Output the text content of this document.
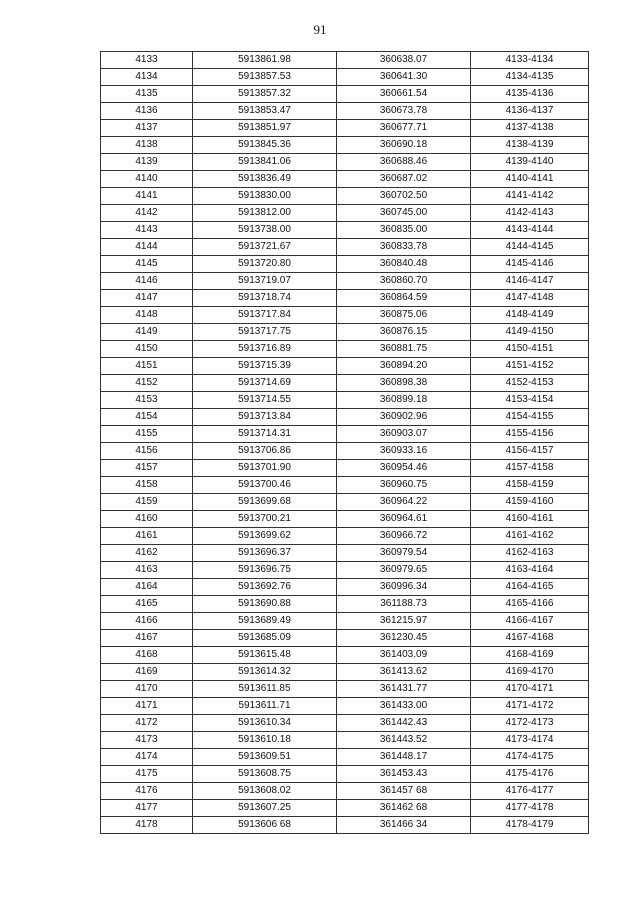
91
4133	5913861.98	360638.07	4133-4134
4134	5913857.53	360641.30	4134-4135
4135	5913857.32	360661.54	4135-4136
4136	5913853.47	360673.78	4136-4137
4137	5913851.97	360677.71	4137-4138
4138	5913845.36	360690.18	4138-4139
4139	5913841.06	360688.46	4139-4140
4140	5913836.49	360687.02	4140-4141
4141	5913830.00	360702.50	4141-4142
4142	5913812.00	360745.00	4142-4143
4143	5913738.00	360835.00	4143-4144
4144	5913721.67	360833.78	4144-4145
4145	5913720.80	360840.48	4145-4146
4146	5913719.07	360860.70	4146-4147
4147	5913718.74	360864.59	4147-4148
4148	5913717.84	360875.06	4148-4149
4149	5913717.75	360876.15	4149-4150
4150	5913716.89	360881.75	4150-4151
4151	5913715.39	360894.20	4151-4152
4152	5913714.69	360898.38	4152-4153
4153	5913714.55	360899.18	4153-4154
4154	5913713.84	360902.96	4154-4155
4155	5913714.31	360903.07	4155-4156
4156	5913706.86	360933.16	4156-4157
4157	5913701.90	360954.46	4157-4158
4158	5913700.46	360960.75	4158-4159
4159	5913699.68	360964.22	4159-4160
4160	5913700.21	360964.61	4160-4161
4161	5913699.62	360966.72	4161-4162
4162	5913696.37	360979.54	4162-4163
4163	5913696.75	360979.65	4163-4164
4164	5913692.76	360996.34	4164-4165
4165	5913690.88	361188.73	4165-4166
4166	5913689.49	361215.97	4166-4167
4167	5913685.09	361230.45	4167-4168
4168	5913615.48	361403.09	4168-4169
4169	5913614.32	361413.62	4169-4170
4170	5913611.85	361431.77	4170-4171
4171	5913611.71	361433.00	4171-4172
4172	5913610.34	361442.43	4172-4173
4173	5913610.18	361443.52	4173-4174
4174	5913609.51	361448.17	4174-4175
4175	5913608.75	361453.43	4175-4176
4176	5913608.02	361457 68	4176-4177
4177	5913607.25	361462 68	4177-4178
4178	5913606 68	361466 34	4178-4179
